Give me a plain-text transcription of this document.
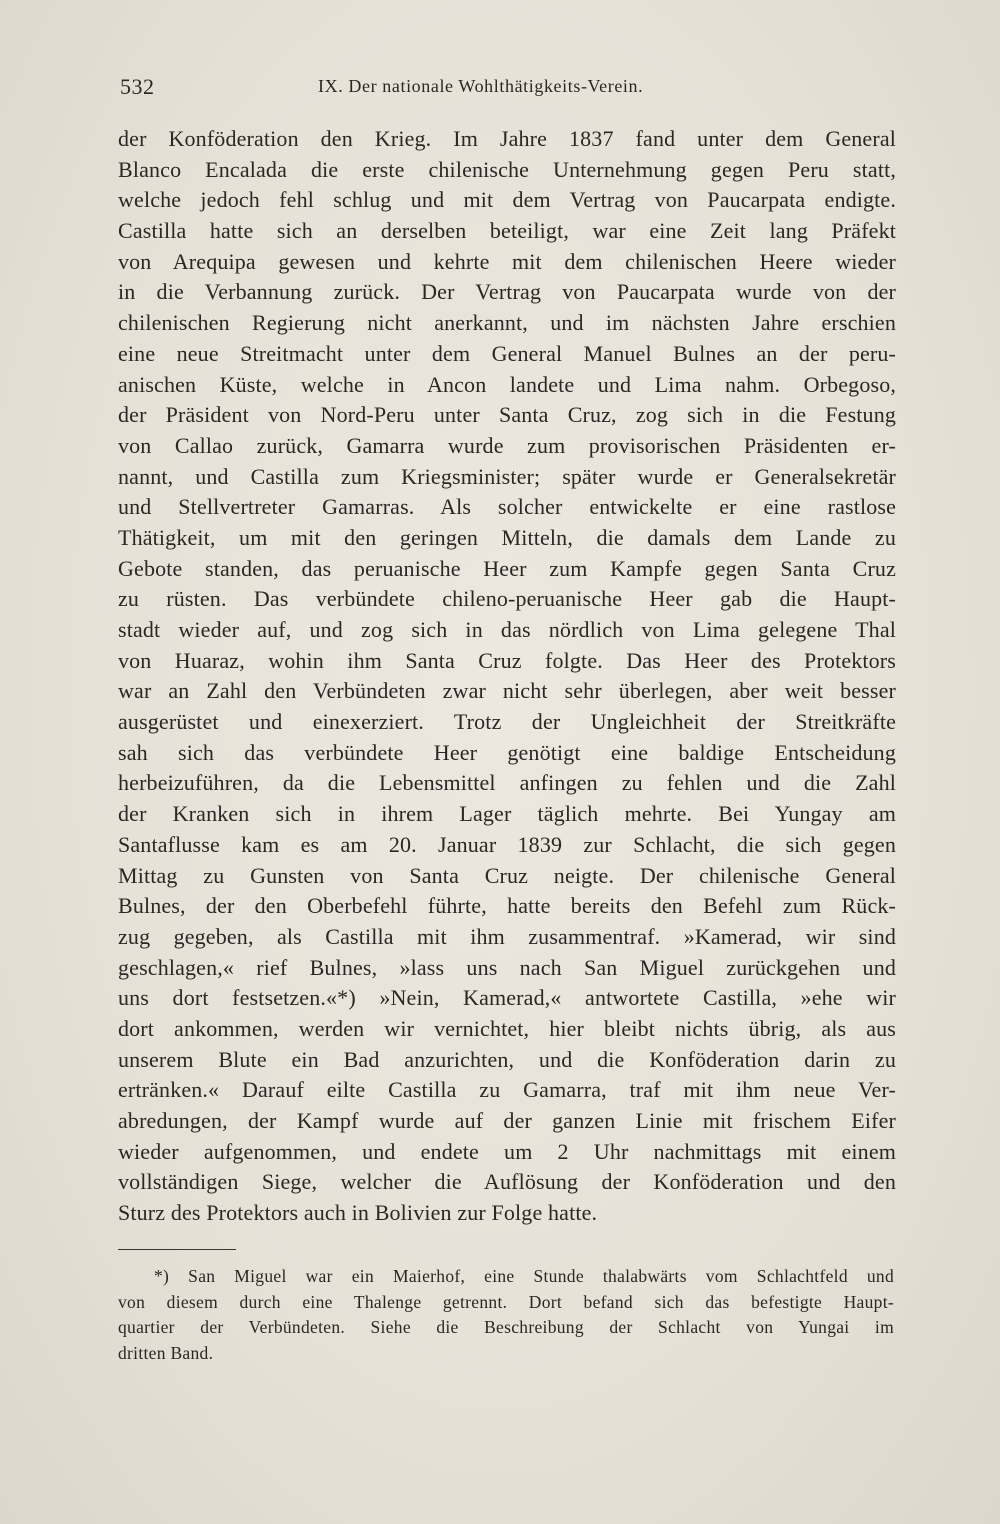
532	IX. Der nationale Wohlthätigkeits-Verein.
der Konföderation den Krieg. Im Jahre 1837 fand unter dem General
Blanco Encalada die erste chilenische Unternehmung gegen Peru statt,
welche jedoch fehl schlug und mit dem Vertrag von Paucarpata endigte.
Castilla hatte sich an derselben beteiligt, war eine Zeit lang Präfekt
von Arequipa gewesen und kehrte mit dem chilenischen Heere wieder
in die Verbannung zurück. Der Vertrag von Paucarpata wurde von der
chilenischen Regierung nicht anerkannt, und im nächsten Jahre erschien
eine neue Streitmacht unter dem General Manuel Bulnes an der peru-
anischen Küste, welche in Ancon landete und Lima nahm. Orbegoso,
der Präsident von Nord-Peru unter Santa Cruz, zog sich in die Festung
von Callao zurück, Gamarra wurde zum provisorischen Präsidenten er-
nannt, und Castilla zum Kriegsminister; später wurde er Generalsekretär
und Stellvertreter Gamarras. Als solcher entwickelte er eine rastlose
Thätigkeit, um mit den geringen Mitteln, die damals dem Lande zu
Gebote standen, das peruanische Heer zum Kampfe gegen Santa Cruz
zu rüsten. Das verbündete chileno-peruanische Heer gab die Haupt-
stadt wieder auf, und zog sich in das nördlich von Lima gelegene Thal
von Huaraz, wohin ihm Santa Cruz folgte. Das Heer des Protektors
war an Zahl den Verbündeten zwar nicht sehr überlegen, aber weit besser
ausgerüstet und einexerziert. Trotz der Ungleichheit der Streitkräfte
sah sich das verbündete Heer genötigt eine baldige Entscheidung
herbeizuführen, da die Lebensmittel anfingen zu fehlen und die Zahl
der Kranken sich in ihrem Lager täglich mehrte. Bei Yungay am
Santaflusse kam es am 20. Januar 1839 zur Schlacht, die sich gegen
Mittag zu Gunsten von Santa Cruz neigte. Der chilenische General
Bulnes, der den Oberbefehl führte, hatte bereits den Befehl zum Rück-
zug gegeben, als Castilla mit ihm zusammentraf. »Kamerad, wir sind
geschlagen,« rief Bulnes, »lass uns nach San Miguel zurückgehen und
uns dort festsetzen.«*) »Nein, Kamerad,« antwortete Castilla, »ehe wir
dort ankommen, werden wir vernichtet, hier bleibt nichts übrig, als aus
unserem Blute ein Bad anzurichten, und die Konföderation darin zu
ertränken.« Darauf eilte Castilla zu Gamarra, traf mit ihm neue Ver-
abredungen, der Kampf wurde auf der ganzen Linie mit frischem Eifer
wieder aufgenommen, und endete um 2 Uhr nachmittags mit einem
vollständigen Siege, welcher die Auflösung der Konföderation und den
Sturz des Protektors auch in Bolivien zur Folge hatte.
*) San Miguel war ein Maierhof, eine Stunde thalabwärts vom Schlachtfeld und
von diesem durch eine Thalenge getrennt. Dort befand sich das befestigte Haupt-
quartier der Verbündeten. Siehe die Beschreibung der Schlacht von Yungai im
dritten Band.
